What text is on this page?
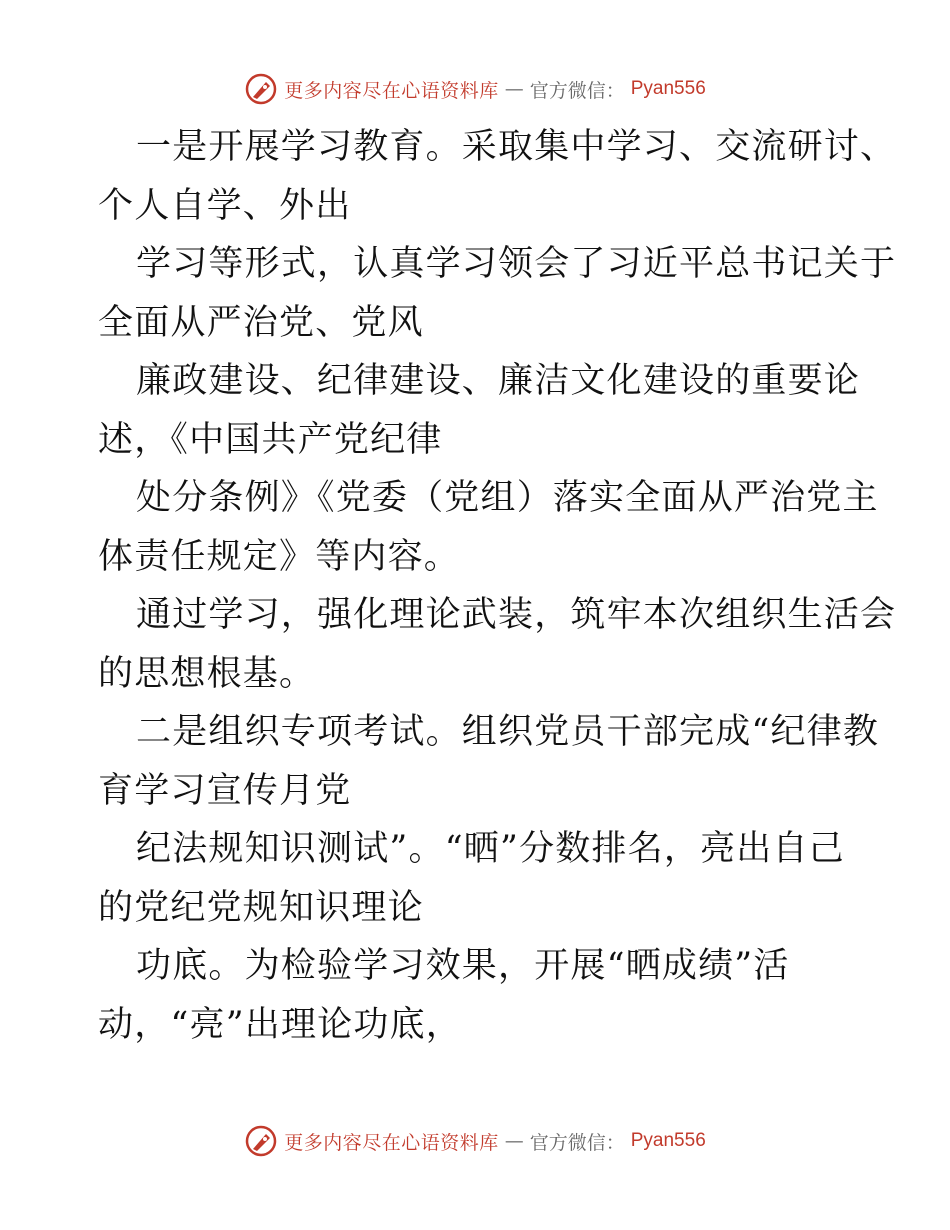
更多内容尽在心语资料库 — 官方微信： Pyan556
一是开展学习教育。采取集中学习、交流研讨、
个人自学、外出
学习等形式，认真学习领会了习近平总书记关于
全面从严治党、党风
廉政建设、纪律建设、廉洁文化建设的重要论
述，《中国共产党纪律
处分条例》《党委（党组）落实全面从严治党主
体责任规定》等内容。
通过学习，强化理论武装，筑牢本次组织生活会
的思想根基。
二是组织专项考试。组织党员干部完成“纪律教
育学习宣传月党
纪法规知识测试”。“晒”分数排名，亮出自己
的党纪党规知识理论
功底。为检验学习效果，开展“晒成绩”活
动，“亮”出理论功底，
更多内容尽在心语资料库 — 官方微信： Pyan556
